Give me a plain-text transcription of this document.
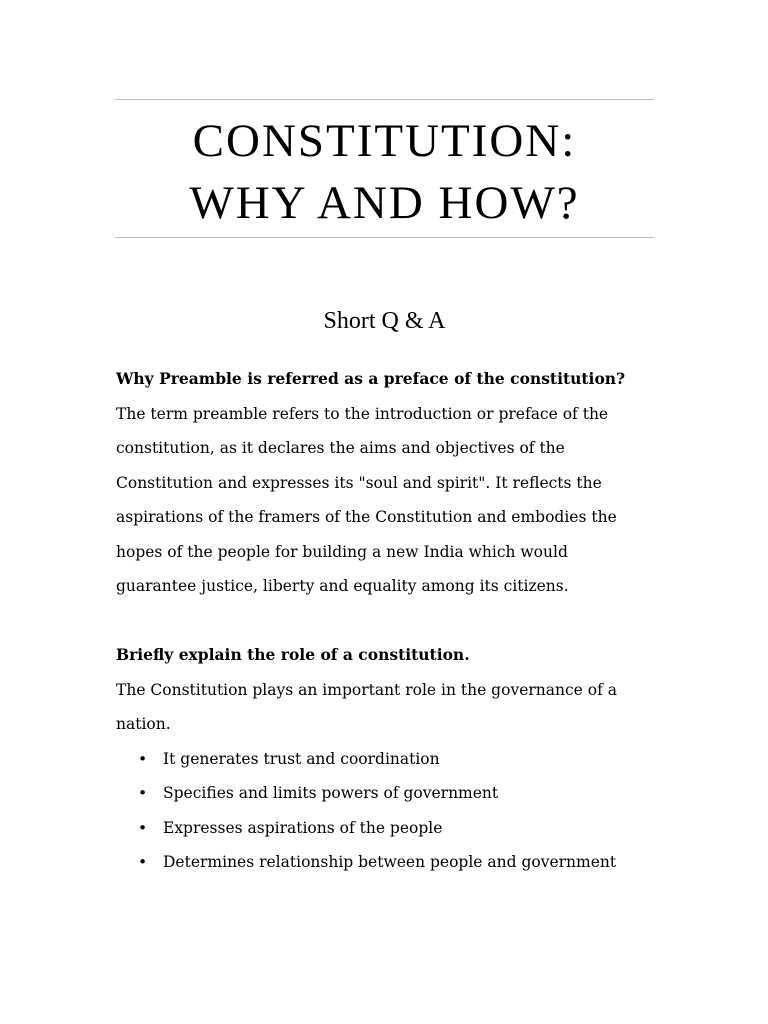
CONSTITUTION:
WHY AND HOW?
Short Q & A
Why Preamble is referred as a preface of the constitution?

The term preamble refers to the introduction or preface of the

constitution, as it declares the aims and objectives of the

Constitution and expresses its "soul and spirit". It reflects the

aspirations of the framers of the Constitution and embodies the

hopes of the people for building a new India which would

guarantee justice, liberty and equality among its citizens.

Briefly explain the role of a constitution.

The Constitution plays an important role in the governance of a

nation.

• It generates trust and coordination
• Specifies and limits powers of government
• Expresses aspirations of the people
• Determines relationship between people and government
